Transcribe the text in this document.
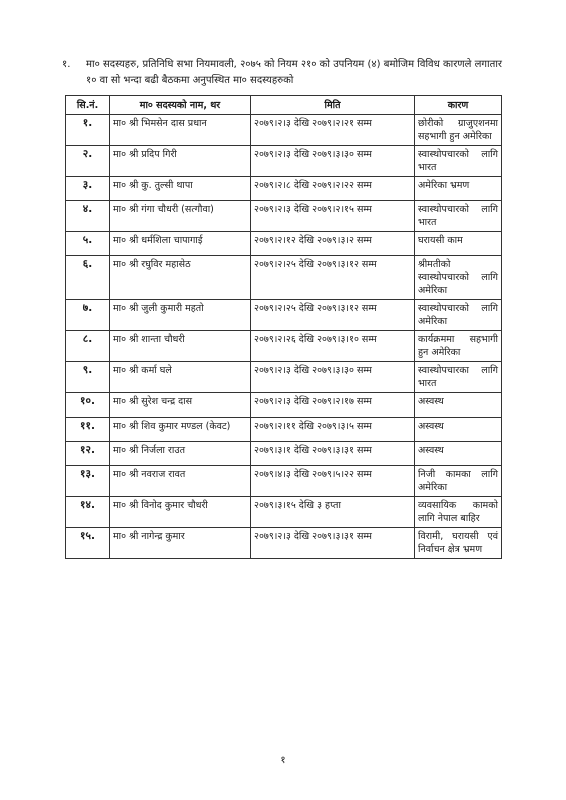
१.	मा० सदस्यहरु, प्रतिनिधि सभा नियमावली, २०७५ को नियम २१० को उपनियम (४) बमोजिम विविध कारणले लगातार १० वा सो भन्दा बढी बैठकमा अनुपस्थित मा० सदस्यहरुको
सि.नं.	मा० सदस्यको नाम, थर	मिति	कारण
१.	मा० श्री भिमसेन दास प्रधान	२०७९।२।३ देखि २०७९।२।२१ सम्म	छोरीको ग्राजुएशनमा सहभागी हुन अमेरिका
२.	मा० श्री प्रदिप गिरी	२०७९।२।३ देखि २०७९।३।३० सम्म	स्वास्थोपचारको लागि भारत
३.	मा० श्री कु. तुल्सी थापा	२०७९।२।८ देखि २०७९।२।२२ सम्म	अमेरिका भ्रमण
४.	मा० श्री गंगा चौधरी (सत्गौवा)	२०७९।२।३ देखि २०७९।२।१५ सम्म	स्वास्थोपचारको लागि भारत
५.	मा० श्री धर्मशिला चापागाई	२०७९।२।१२ देखि २०७९।३।२ सम्म	घरायसी काम
६.	मा० श्री रघुविर महासेठ	२०७९।२।२५ देखि २०७९।३।१२ सम्म	श्रीमतीको स्वास्थोपचारको लागि अमेरिका
७.	मा० श्री जुली कुमारी महतो	२०७९।२।२५ देखि २०७९।३।१२ सम्म	स्वास्थोपचारको लागि अमेरिका
८.	मा० श्री शान्ता चौधरी	२०७९।२।२६ देखि २०७९।३।१० सम्म	कार्यक्रममा सहभागी हुन अमेरिका
९.	मा० श्री कर्मा घले	२०७९।२।३ देखि २०७९।३।३० सम्म	स्वास्थोपचारका लागि भारत
१०.	मा० श्री सुरेश चन्द्र दास	२०७९।२।३ देखि २०७९।२।१७ सम्म	अस्वस्थ
११.	मा० श्री शिव कुमार मण्डल (केवट)	२०७९।२।११ देखि २०७९।३।५ सम्म	अस्वस्थ
१२.	मा० श्री निर्जला राउत	२०७९।३।१ देखि २०७९।३।३१ सम्म	अस्वस्थ
१३.	मा० श्री नवराज रावत	२०७९।४।३ देखि २०७९।५।२२ सम्म	निजी कामका लागि अमेरिका
१४.	मा० श्री विनोद कुमार चौधरी	२०७९।३।१५ देखि ३ हप्ता	व्यवसायिक कामको लागि नेपाल बाहिर
१५.	मा० श्री नागेन्द्र कुमार	२०७९।२।३ देखि २०७९।३।३१ सम्म	विरामी, घरायसी एवं निर्वाचन क्षेत्र भ्रमण
१
